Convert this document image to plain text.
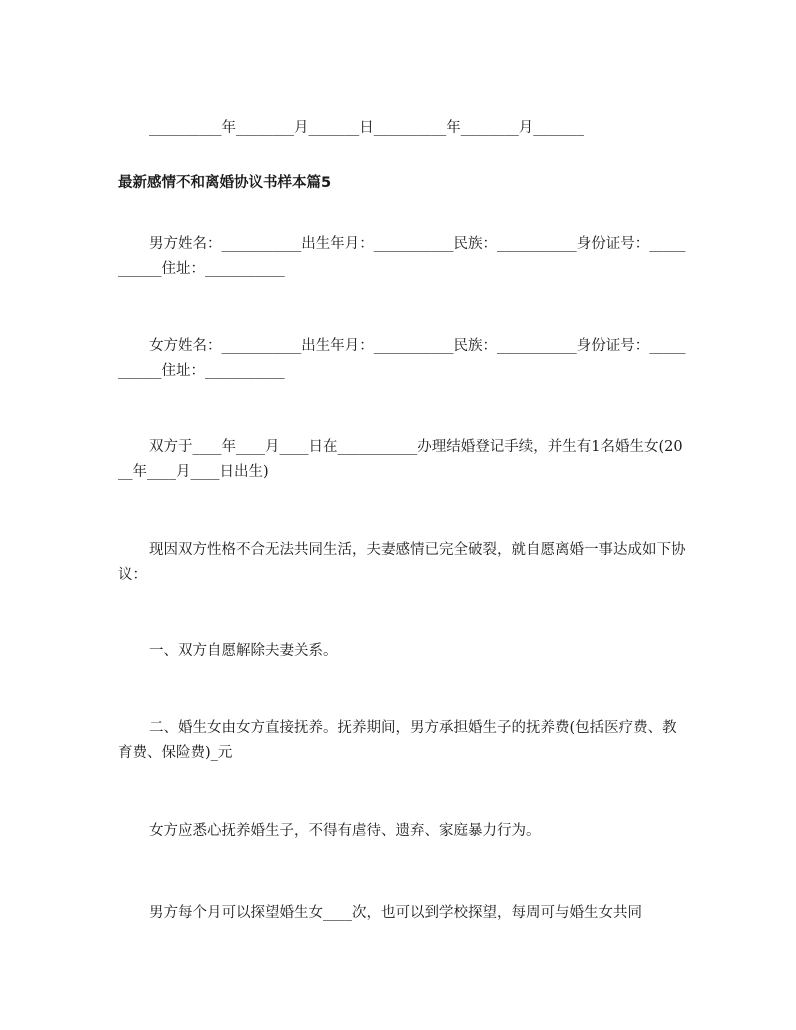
__________年________月_______日__________年________月_______

最新感情不和离婚协议书样本篇5

男方姓名：___________出生年月：___________民族：___________身份证号：___________住址：___________

女方姓名：___________出生年月：___________民族：___________身份证号：___________住址：___________

双方于____年____月____日在___________办理结婚登记手续，并生有1名婚生女(20__年____月____日出生)

现因双方性格不合无法共同生活，夫妻感情已完全破裂，就自愿离婚一事达成如下协议：

一、双方自愿解除夫妻关系。

二、婚生女由女方直接抚养。抚养期间，男方承担婚生子的抚养费(包括医疗费、教育费、保险费)_元

女方应悉心抚养婚生子，不得有虐待、遗弃、家庭暴力行为。

男方每个月可以探望婚生女____次，也可以到学校探望，每周可与婚生女共同
